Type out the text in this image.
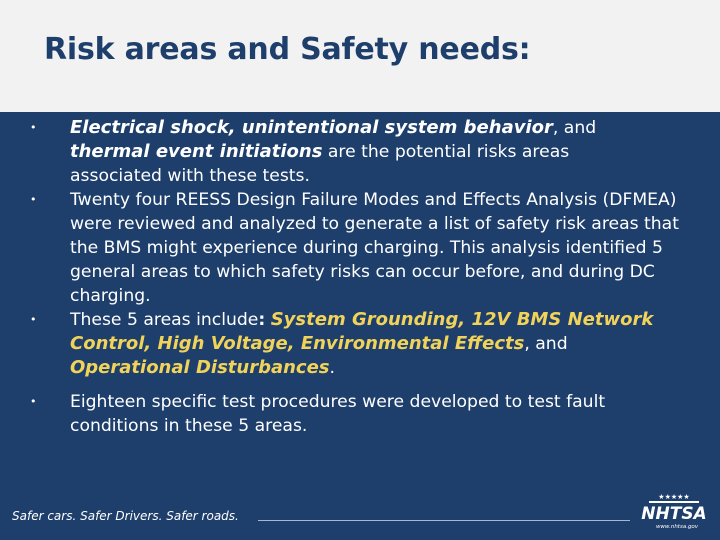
Risk areas and Safety needs:
• Electrical shock, unintentional system behavior, and
thermal event initiations are the potential risks areas
associated with these tests.
• Twenty four REESS Design Failure Modes and Effects Analysis (DFMEA) were reviewed and analyzed to generate a list of safety risk areas that the BMS might experience during charging. This analysis identified 5 general areas to which safety risks can occur before, and during DC charging.
• These 5 areas include: System Grounding, 12V BMS Network Control, High Voltage, Environmental Effects, and Operational Disturbances.
• Eighteen specific test procedures were developed to test fault conditions in these 5 areas.
Safer cars. Safer Drivers. Safer roads.
★★★★★
NHTSA
www.nhtsa.gov
